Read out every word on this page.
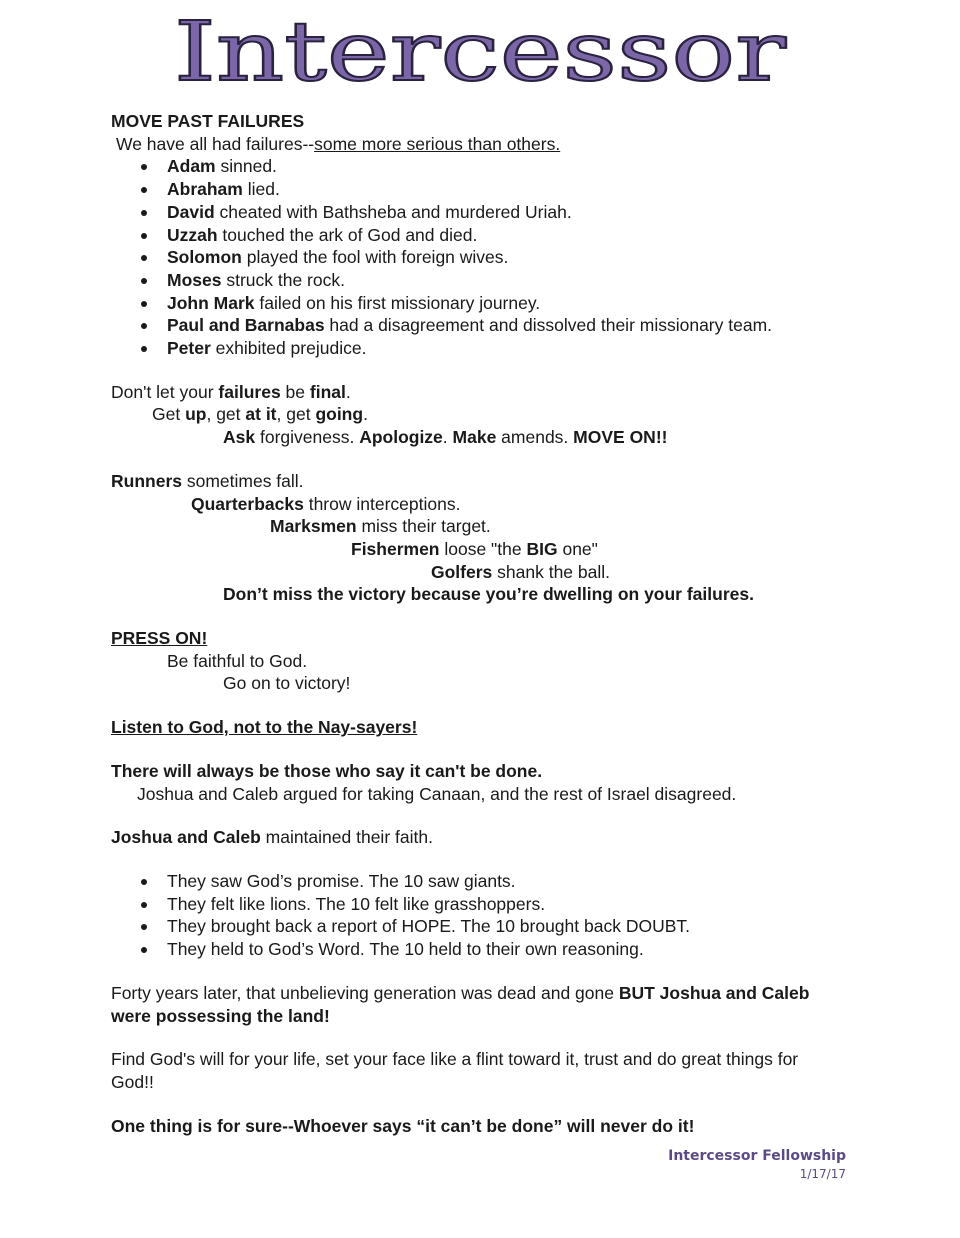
Intercessor

MOVE PAST FAILURES

We have all had failures--some more serious than others.

Adam sinned.
Abraham lied.
David cheated with Bathsheba and murdered Uriah.
Uzzah touched the ark of God and died.
Solomon played the fool with foreign wives.
Moses struck the rock.
John Mark failed on his first missionary journey.
Paul and Barnabas had a disagreement and dissolved their missionary team.
Peter exhibited prejudice.

Don't let your failures be final.

Get up, get at it, get going.

Ask forgiveness. Apologize. Make amends. MOVE ON!!

Runners sometimes fall.

Quarterbacks throw interceptions.

Marksmen miss their target.

Fishermen loose "the BIG one"

Golfers shank the ball.

Don’t miss the victory because you’re dwelling on your failures.

PRESS ON!

Be faithful to God.

Go on to victory!

Listen to God, not to the Nay-sayers!

There will always be those who say it can't be done.

Joshua and Caleb argued for taking Canaan, and the rest of Israel disagreed.

Joshua and Caleb maintained their faith.

They saw God’s promise. The 10 saw giants.
They felt like lions. The 10 felt like grasshoppers.
They brought back a report of HOPE. The 10 brought back DOUBT.
They held to God’s Word. The 10 held to their own reasoning.

Forty years later, that unbelieving generation was dead and gone BUT Joshua and Caleb were possessing the land!

Find God's will for your life, set your face like a flint toward it, trust and do great things for God!!

One thing is for sure--Whoever says “it can’t be done” will never do it!

Intercessor Fellowship
1/17/17
